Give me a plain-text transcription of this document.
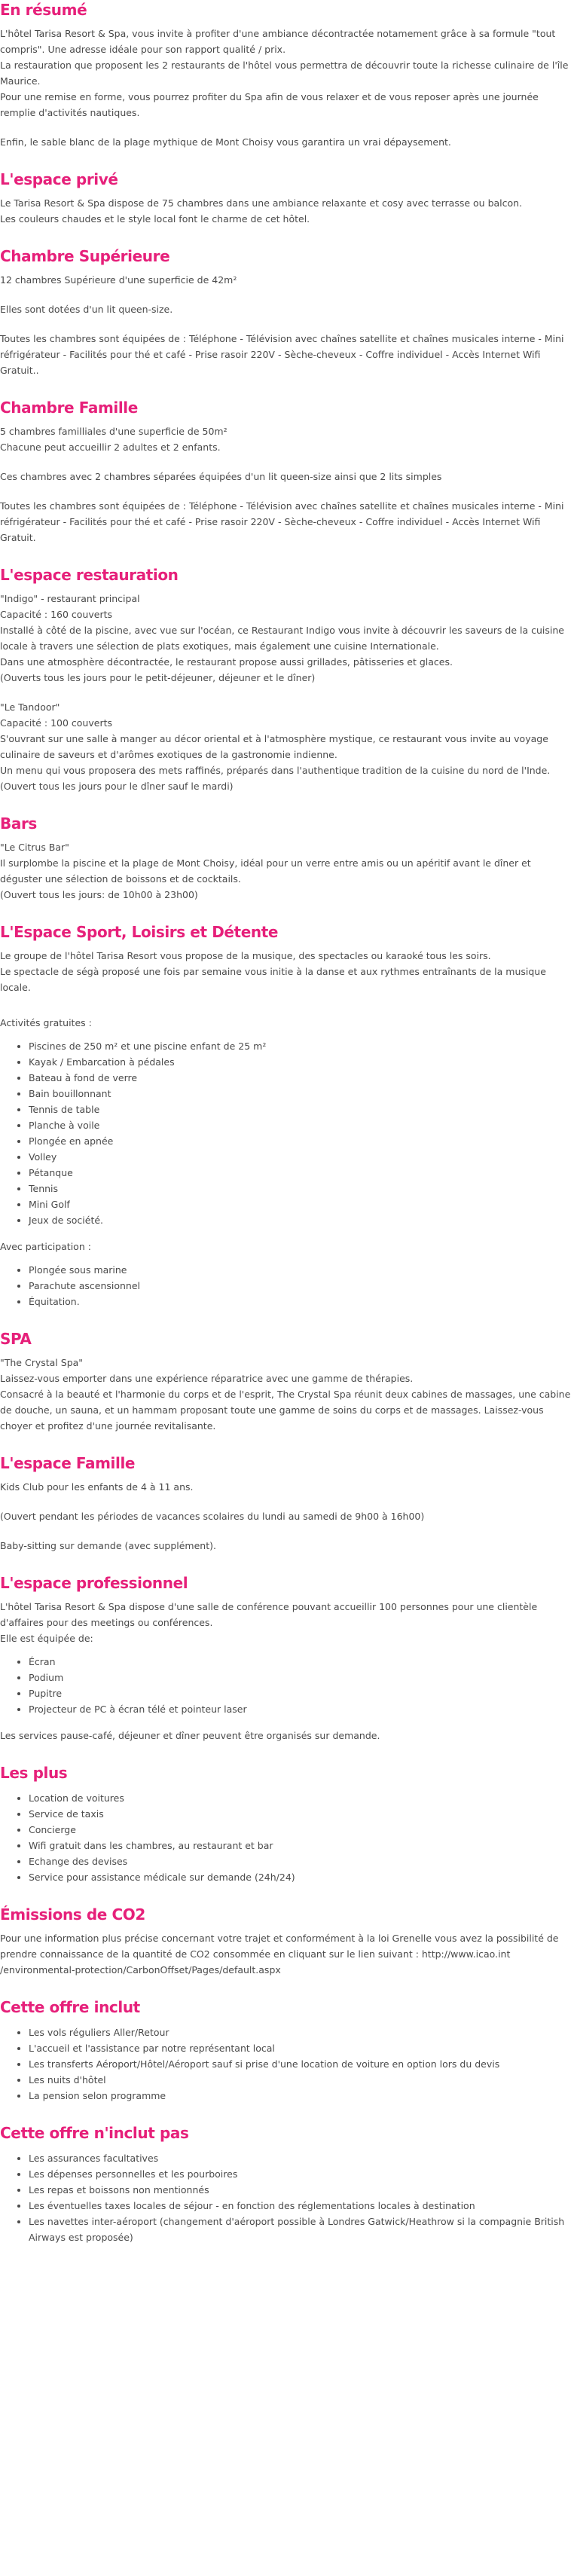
En résumé

L'hôtel Tarisa Resort & Spa, vous invite à profiter d'une ambiance décontractée notamement grâce à sa formule "tout compris". Une adresse idéale pour son rapport qualité / prix.

La restauration que proposent les 2 restaurants de l'hôtel vous permettra de découvrir toute la richesse culinaire de l'île Maurice.

Pour une remise en forme, vous pourrez profiter du Spa afin de vous relaxer et de vous reposer après une journée remplie d'activités nautiques.

Enfin, le sable blanc de la plage mythique de Mont Choisy vous garantira un vrai dépaysement.

L'espace privé

Le Tarisa Resort & Spa dispose de 75 chambres dans une ambiance relaxante et cosy avec terrasse ou balcon.

Les couleurs chaudes et le style local font le charme de cet hôtel.

Chambre Supérieure

12 chambres Supérieure d'une superficie de 42m²

Elles sont dotées d'un lit queen-size.

Toutes les chambres sont équipées de : Téléphone - Télévision avec chaînes satellite et chaînes musicales interne - Mini réfrigérateur - Facilités pour thé et café - Prise rasoir 220V - Sèche-cheveux - Coffre individuel - Accès Internet Wifi Gratuit..

Chambre Famille

5 chambres familliales d'une superficie de 50m²

Chacune peut accueillir 2 adultes et 2 enfants.

Ces chambres avec 2 chambres séparées équipées d'un lit queen-size ainsi que 2 lits simples

Toutes les chambres sont équipées de : Téléphone - Télévision avec chaînes satellite et chaînes musicales interne - Mini réfrigérateur - Facilités pour thé et café - Prise rasoir 220V - Sèche-cheveux - Coffre individuel - Accès Internet Wifi Gratuit.

L'espace restauration

"Indigo" - restaurant principal

Capacité : 160 couverts

Installé à côté de la piscine, avec vue sur l'océan, ce Restaurant Indigo vous invite à découvrir les saveurs de la cuisine locale à travers une sélection de plats exotiques, mais également une cuisine Internationale.

Dans une atmosphère décontractée, le restaurant propose aussi grillades, pâtisseries et glaces.

(Ouverts tous les jours pour le petit-déjeuner, déjeuner et le dîner)

"Le Tandoor"

Capacité : 100 couverts

S'ouvrant sur une salle à manger au décor oriental et à l'atmosphère mystique, ce restaurant vous invite au voyage culinaire de saveurs et d'arômes exotiques de la gastronomie indienne.

Un menu qui vous proposera des mets raffinés, préparés dans l'authentique tradition de la cuisine du nord de l'Inde.

(Ouvert tous les jours pour le dîner sauf le mardi)

Bars

"Le Citrus Bar"

Il surplombe la piscine et la plage de Mont Choisy, idéal pour un verre entre amis ou un apéritif avant le dîner et déguster une sélection de boissons et de cocktails.

(Ouvert tous les jours: de 10h00 à 23h00)

L'Espace Sport, Loisirs et Détente

Le groupe de l'hôtel Tarisa Resort vous propose de la musique, des spectacles ou karaoké tous les soirs.

Le spectacle de ségà proposé une fois par semaine vous initie à la danse et aux rythmes entraînants de la musique locale.

Activités gratuites :

• Piscines de 250 m² et une piscine enfant de 25 m²
• Kayak / Embarcation à pédales
• Bateau à fond de verre
• Bain bouillonnant
• Tennis de table
• Planche à voile
• Plongée en apnée
• Volley
• Pétanque
• Tennis
• Mini Golf
• Jeux de société.

Avec participation :

• Plongée sous marine
• Parachute ascensionnel
• Équitation.
SPA

"The Crystal Spa"

Laissez-vous emporter dans une expérience réparatrice avec une gamme de thérapies.

Consacré à la beauté et l'harmonie du corps et de l'esprit, The Crystal Spa réunit deux cabines de massages, une cabine de douche, un sauna, et un hammam proposant toute une gamme de soins du corps et de massages. Laissez-vous choyer et profitez d'une journée revitalisante.

L'espace Famille

Kids Club pour les enfants de 4 à 11 ans.

(Ouvert pendant les périodes de vacances scolaires du lundi au samedi de 9h00 à 16h00)

Baby-sitting sur demande (avec supplément).

L'espace professionnel

L'hôtel Tarisa Resort & Spa dispose d'une salle de conférence pouvant accueillir 100 personnes pour une clientèle d'affaires pour des meetings ou conférences.

Elle est équipée de:

• Écran
• Podium
• Pupitre
• Projecteur de PC à écran télé et pointeur laser

Les services pause-café, déjeuner et dîner peuvent être organisés sur demande.

Les plus
• Location de voitures
• Service de taxis
• Concierge
• Wifi gratuit dans les chambres, au restaurant et bar
• Echange des devises
• Service pour assistance médicale sur demande (24h/24)
Émissions de CO2

Pour une information plus précise concernant votre trajet et conformément à la loi Grenelle vous avez la possibilité de prendre connaissance de la quantité de CO2 consommée en cliquant sur le lien suivant : http://www.icao.int /environmental-protection/CarbonOffset/Pages/default.aspx

Cette offre inclut
• Les vols réguliers Aller/Retour
• L'accueil et l'assistance par notre représentant local
• Les transferts Aéroport/Hôtel/Aéroport sauf si prise d'une location de voiture en option lors du devis
• Les nuits d'hôtel
• La pension selon programme
Cette offre n'inclut pas
• Les assurances facultatives
• Les dépenses personnelles et les pourboires
• Les repas et boissons non mentionnés
• Les éventuelles taxes locales de séjour - en fonction des réglementations locales à destination
• Les navettes inter-aéroport (changement d'aéroport possible à Londres Gatwick/Heathrow si la compagnie British Airways est proposée)
